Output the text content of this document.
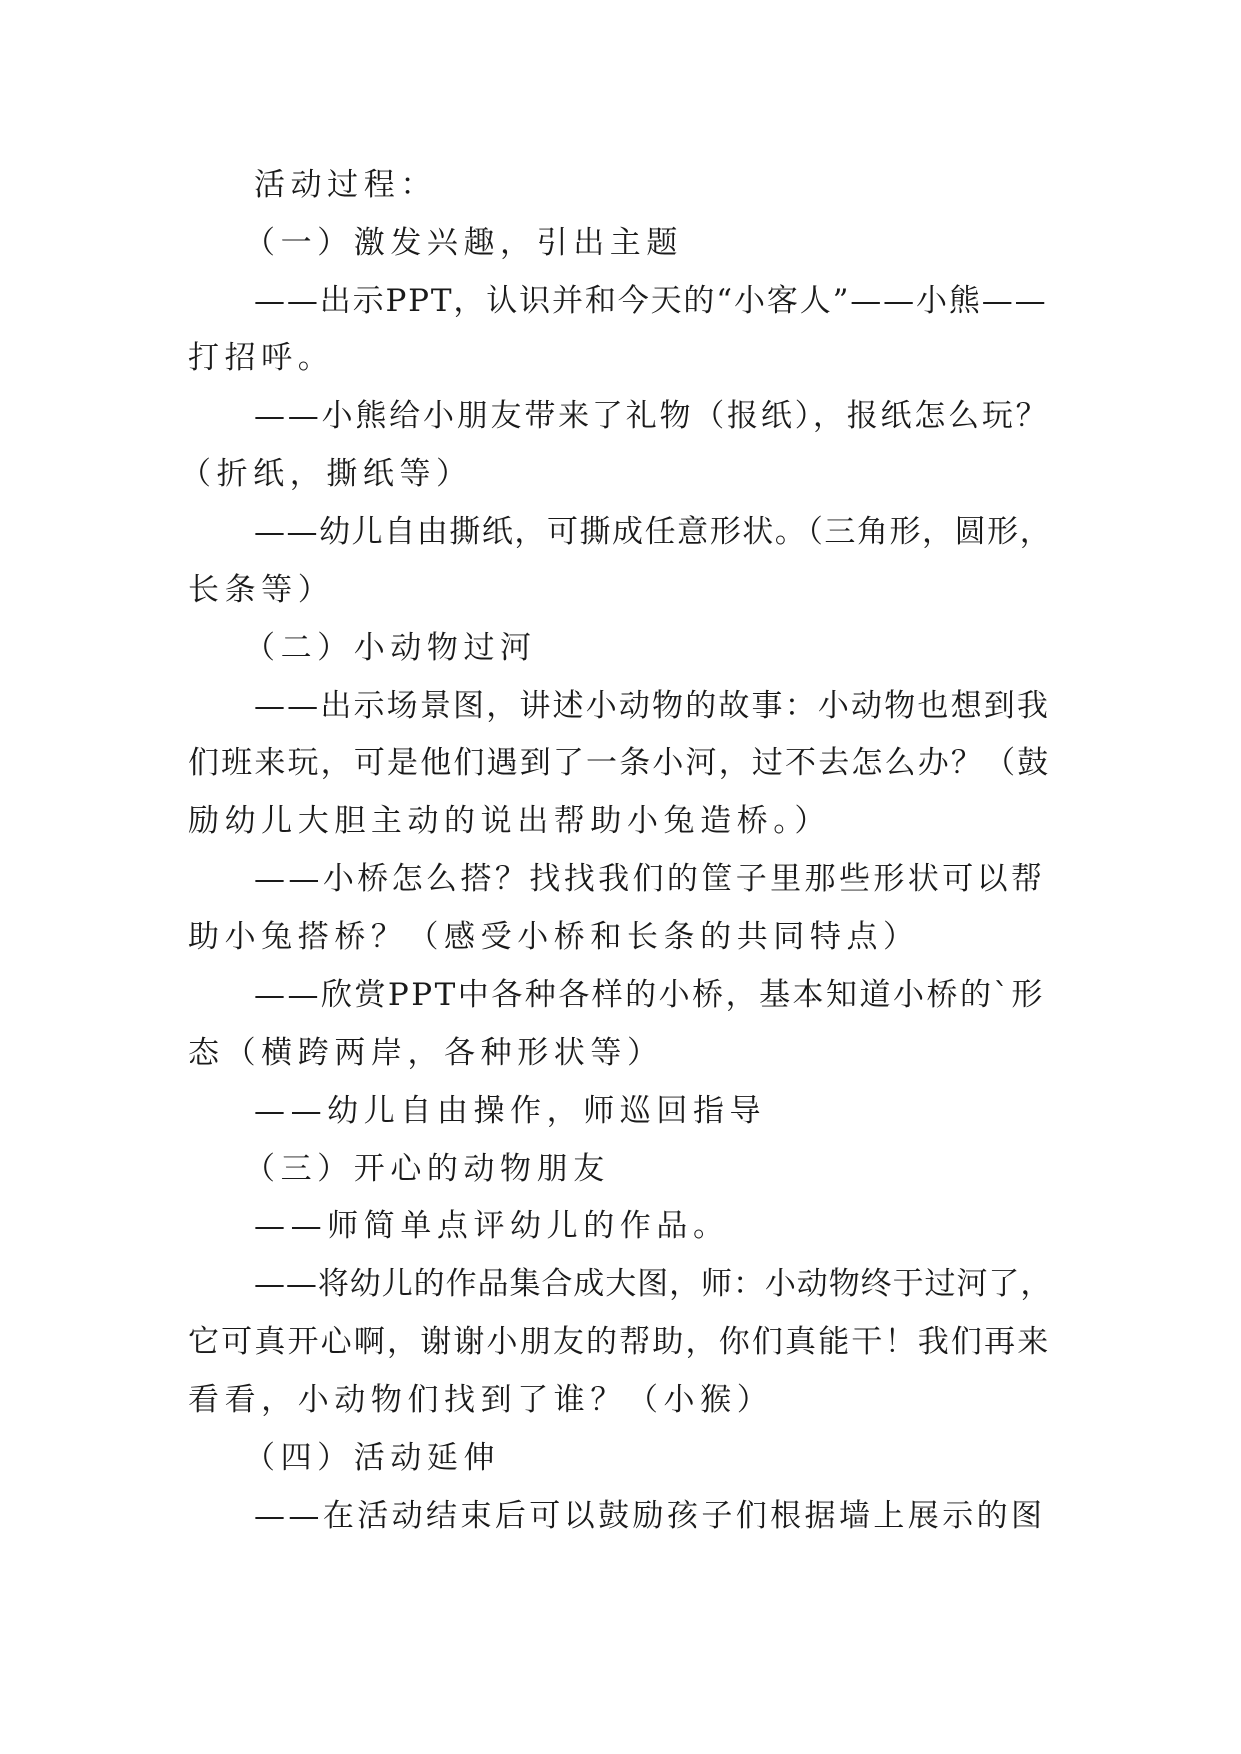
活动过程：
（一）激发兴趣，引出主题
——出示PPT，认识并和今天的“小客人”——小熊——
打招呼。
——小熊给小朋友带来了礼物（报纸），报纸怎么玩？
（折纸，撕纸等）
——幼儿自由撕纸，可撕成任意形状。（三角形，圆形，
长条等）
（二）小动物过河
——出示场景图，讲述小动物的故事：小动物也想到我
们班来玩，可是他们遇到了一条小河，过不去怎么办？（鼓
励幼儿大胆主动的说出帮助小兔造桥。）
——小桥怎么搭？找找我们的筐子里那些形状可以帮
助小兔搭桥？（感受小桥和长条的共同特点）
——欣赏PPT中各种各样的小桥，基本知道小桥的`形
态（横跨两岸，各种形状等）
——幼儿自由操作，师巡回指导
（三）开心的动物朋友
——师简单点评幼儿的作品。
——将幼儿的作品集合成大图，师：小动物终于过河了，
它可真开心啊，谢谢小朋友的帮助，你们真能干！我们再来
看看，小动物们找到了谁？（小猴）
（四）活动延伸
——在活动结束后可以鼓励孩子们根据墙上展示的图
